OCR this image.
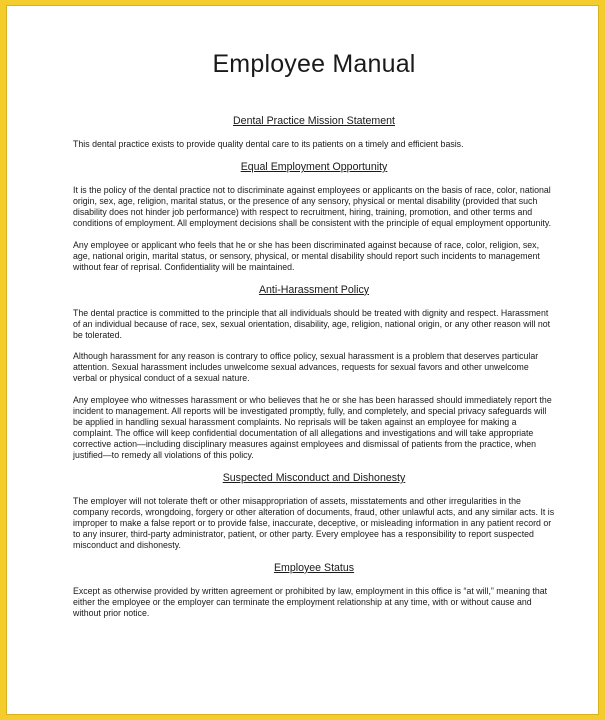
Employee Manual
Dental Practice Mission Statement

This dental practice exists to provide quality dental care to its patients on a timely and efficient basis.

Equal Employment Opportunity

It is the policy of the dental practice not to discriminate against employees or applicants on the basis of race, color, national origin, sex, age, religion, marital status, or the presence of any sensory, physical or mental disability (provided that such disability does not hinder job performance) with respect to recruitment, hiring, training, promotion, and other terms and conditions of employment. All employment decisions shall be consistent with the principle of equal employment opportunity.

Any employee or applicant who feels that he or she has been discriminated against because of race, color, religion, sex, age, national origin, marital status, or sensory, physical, or mental disability should report such incidents to management without fear of reprisal. Confidentiality will be maintained.

Anti-Harassment Policy

The dental practice is committed to the principle that all individuals should be treated with dignity and respect. Harassment of an individual because of race, sex, sexual orientation, disability, age, religion, national origin, or any other reason will not be tolerated.

Although harassment for any reason is contrary to office policy, sexual harassment is a problem that deserves particular attention. Sexual harassment includes unwelcome sexual advances, requests for sexual favors and other unwelcome verbal or physical conduct of a sexual nature.

Any employee who witnesses harassment or who believes that he or she has been harassed should immediately report the incident to management. All reports will be investigated promptly, fully, and completely, and special privacy safeguards will be applied in handling sexual harassment complaints. No reprisals will be taken against an employee for making a complaint. The office will keep confidential documentation of all allegations and investigations and will take appropriate corrective action—including disciplinary measures against employees and dismissal of patients from the practice, when justified—to remedy all violations of this policy.

Suspected Misconduct and Dishonesty

The employer will not tolerate theft or other misappropriation of assets, misstatements and other irregularities in the company records, wrongdoing, forgery or other alteration of documents, fraud, other unlawful acts, and any similar acts. It is improper to make a false report or to provide false, inaccurate, deceptive, or misleading information in any patient record or to any insurer, third-party administrator, patient, or other party. Every employee has a responsibility to report suspected misconduct and dishonesty.

Employee Status

Except as otherwise provided by written agreement or prohibited by law, employment in this office is “at will,” meaning that either the employee or the employer can terminate the employment relationship at any time, with or without cause and without prior notice.
